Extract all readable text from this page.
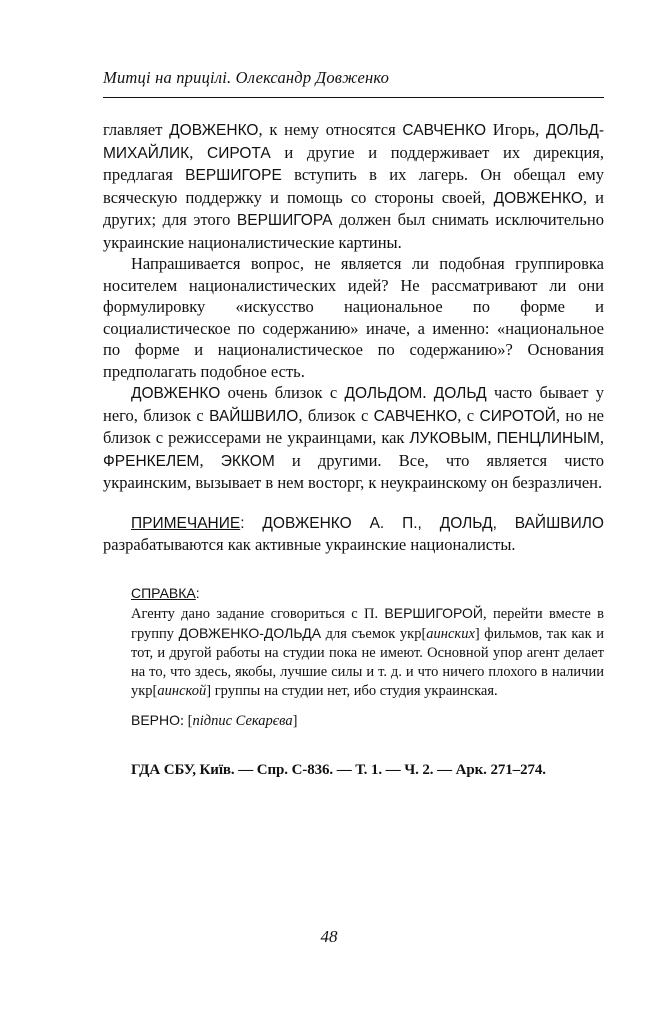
Митці на прицілі. Олександр Довженко

главляет ДОВЖЕНКО, к нему относятся САВЧЕНКО Игорь, ДОЛЬД-МИХАЙЛИК, СИРОТА и другие и поддерживает их дирекция, предлагая ВЕРШИГОРЕ вступить в их лагерь. Он обещал ему всяческую поддержку и помощь со стороны своей, ДОВЖЕНКО, и других; для этого ВЕРШИГОРА должен был снимать исключительно украинские националистические картины.

Напрашивается вопрос, не является ли подобная группировка носителем националистических идей? Не рассматривают ли они формулировку «искусство национальное по форме и социалистическое по содержанию» иначе, а именно: «национальное по форме и националистическое по содержанию»? Основания предполагать подобное есть.

ДОВЖЕНКО очень близок с ДОЛЬДОМ. ДОЛЬД часто бывает у него, близок с ВАЙШВИЛО, близок с САВЧЕНКО, с СИРОТОЙ, но не близок с режиссерами не украинцами, как ЛУКОВЫМ, ПЕНЦЛИНЫМ, ФРЕНКЕЛЕМ, ЭККОМ и другими. Все, что является чисто украинским, вызывает в нем восторг, к неукраинскому он безразличен.

ПРИМЕЧАНИЕ: ДОВЖЕНКО А. П., ДОЛЬД, ВАЙШВИЛО разрабатываются как активные украинские националисты.

СПРАВКА:

Агенту дано задание сговориться с П. ВЕРШИГОРОЙ, перейти вместе в группу ДОВЖЕНКО-ДОЛЬДА для съемок укр[аинских] фильмов, так как и тот, и другой работы на студии пока не имеют. Основной упор агент делает на то, что здесь, якобы, лучшие силы и т. д. и что ничего плохого в наличии укр[аинской] группы на студии нет, ибо студия украинская.

ВЕРНО: [підпис Секарєва]

ГДА СБУ, Київ. — Спр. С-836. — Т. 1. — Ч. 2. — Арк. 271–274.
48
